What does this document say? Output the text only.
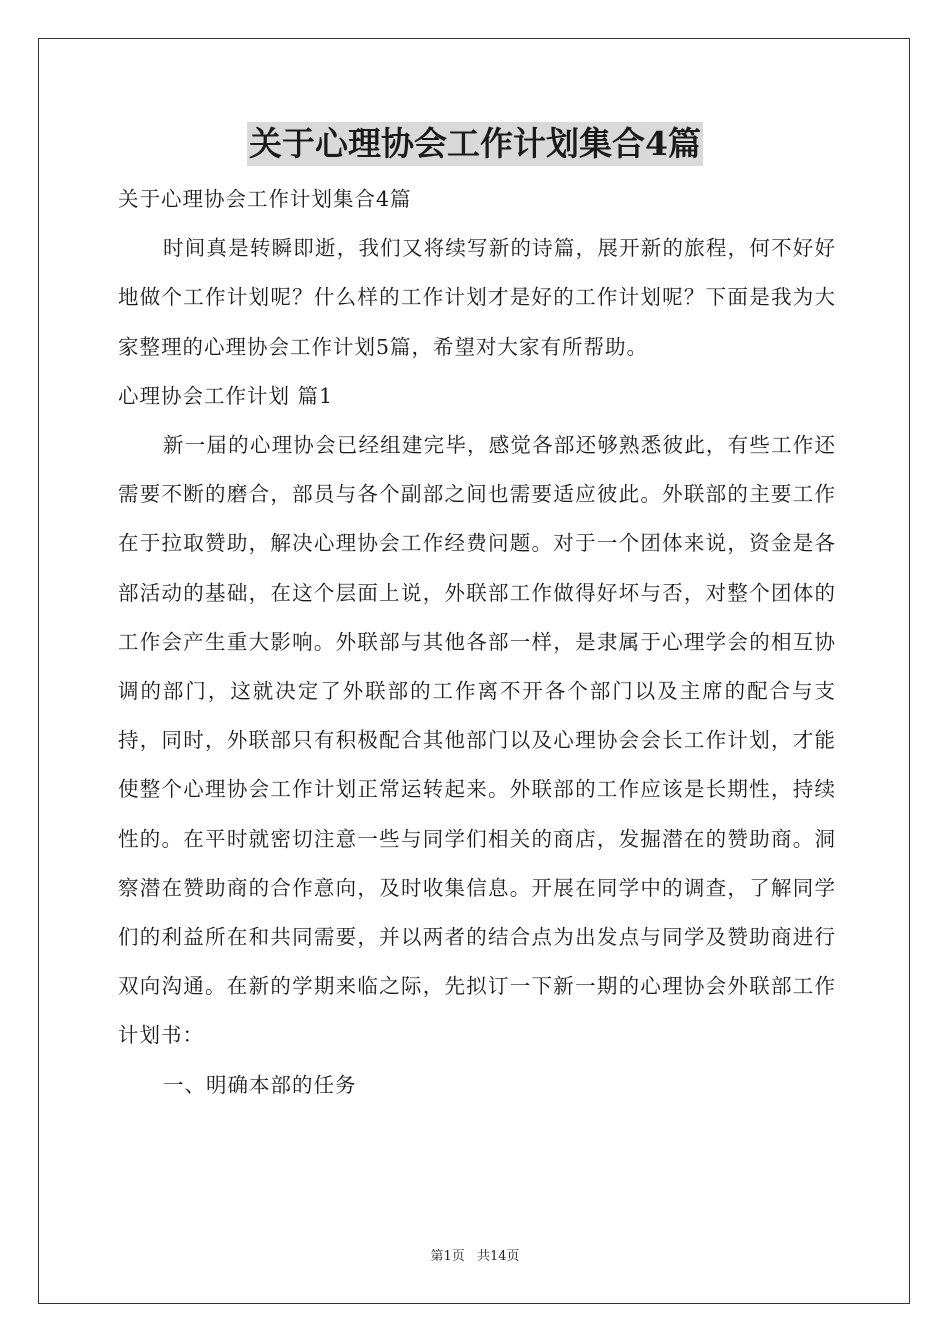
关于心理协会工作计划集合4篇

关于心理协会工作计划集合4篇

时间真是转瞬即逝，我们又将续写新的诗篇，展开新的旅程，何不好好地做个工作计划呢？什么样的工作计划才是好的工作计划呢？下面是我为大家整理的心理协会工作计划5篇，希望对大家有所帮助。

心理协会工作计划 篇1

新一届的心理协会已经组建完毕，感觉各部还够熟悉彼此，有些工作还需要不断的磨合，部员与各个副部之间也需要适应彼此。外联部的主要工作在于拉取赞助，解决心理协会工作经费问题。对于一个团体来说，资金是各部活动的基础，在这个层面上说，外联部工作做得好坏与否，对整个团体的工作会产生重大影响。外联部与其他各部一样，是隶属于心理学会的相互协调的部门，这就决定了外联部的工作离不开各个部门以及主席的配合与支持，同时，外联部只有积极配合其他部门以及心理协会会长工作计划，才能使整个心理协会工作计划正常运转起来。外联部的工作应该是长期性，持续性的。在平时就密切注意一些与同学们相关的商店，发掘潜在的赞助商。洞察潜在赞助商的合作意向，及时收集信息。开展在同学中的调查，了解同学们的利益所在和共同需要，并以两者的结合点为出发点与同学及赞助商进行双向沟通。在新的学期来临之际，先拟订一下新一期的心理协会外联部工作计划书：

一、明确本部的任务

第1页 共14页
